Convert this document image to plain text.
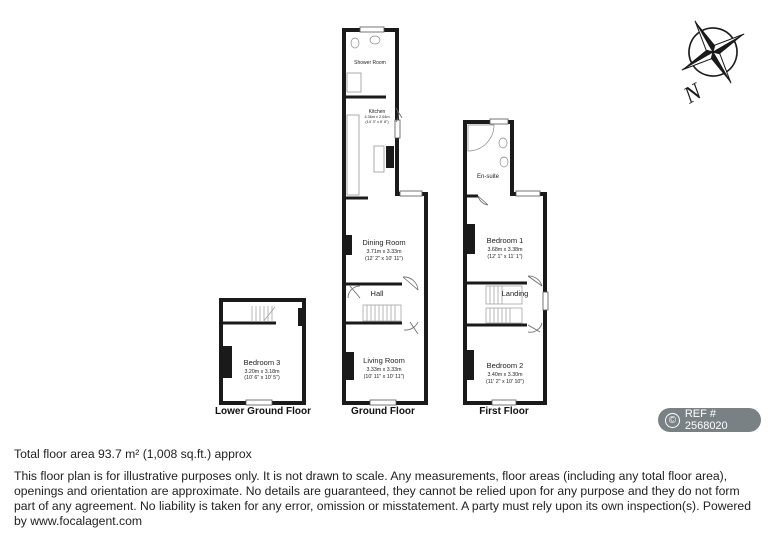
Bedroom 3
3.20m x 3.18m
(10' 6" x 10' 5")
Lower Ground Floor
Shower Room
Kitchen
4.36m x 2.04m
(14' 3" x 6' 8")
Dining Room
3.71m x 3.33m
(12' 2" x 10' 11")
Hall
Living Room
3.33m x 3.33m
(10' 11" x 10' 11")
Ground Floor
En-suite
Bedroom 1
3.68m x 3.38m
(12' 1" x 11' 1")
Landing
Bedroom 2
3.40m x 3.30m
(11' 2" x 10' 10")
First Floor
N
© REF # 2568020
Total floor area 93.7 m² (1,008 sq.ft.) approx
This floor plan is for illustrative purposes only. It is not drawn to scale. Any measurements, floor areas (including any total floor area), openings and orientation are approximate. No details are guaranteed, they cannot be relied upon for any purpose and they do not form part of any agreement. No liability is taken for any error, omission or misstatement. A party must rely upon its own inspection(s). Powered by www.focalagent.com
